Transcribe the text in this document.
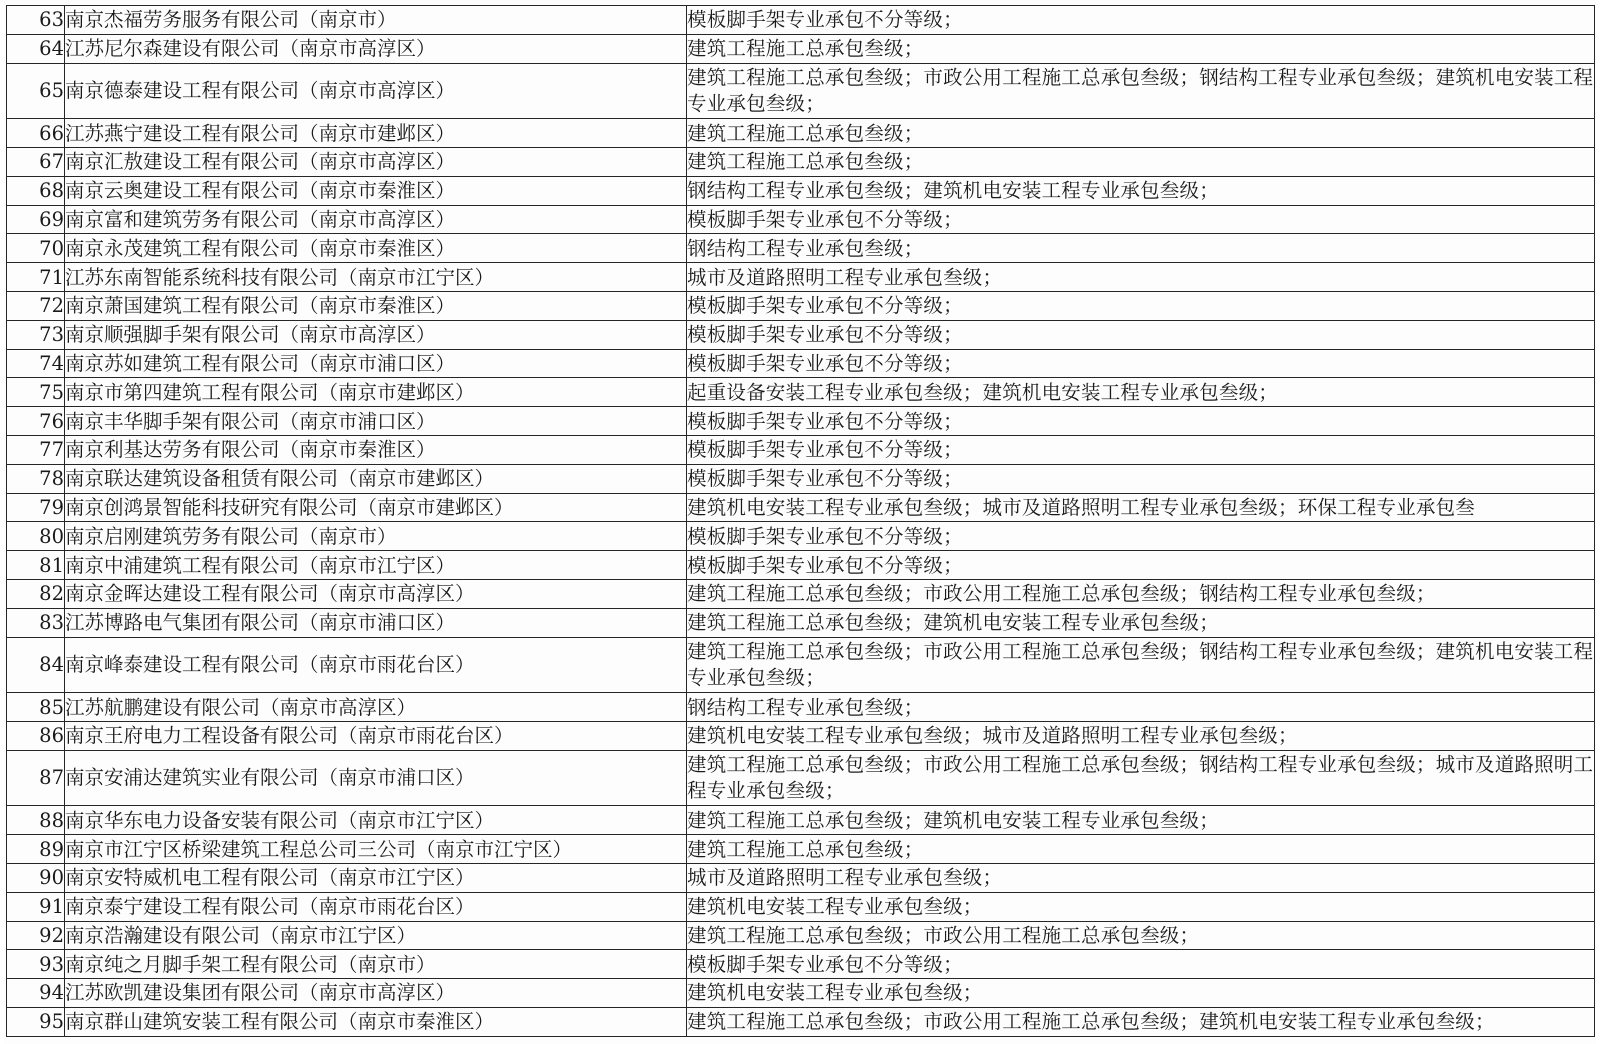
63	南京杰福劳务服务有限公司（南京市）	模板脚手架专业承包不分等级；

64	江苏尼尔森建设有限公司（南京市高淳区）	建筑工程施工总承包叁级；

65	南京德泰建设工程有限公司（南京市高淳区）	建筑工程施工总承包叁级；市政公用工程施工总承包叁级；钢结构工程专业承包叁级；建筑机电安装工程专业承包叁级；

66	江苏燕宁建设工程有限公司（南京市建邺区）	建筑工程施工总承包叁级；

67	南京汇敖建设工程有限公司（南京市高淳区）	建筑工程施工总承包叁级；

68	南京云奥建设工程有限公司（南京市秦淮区）	钢结构工程专业承包叁级；建筑机电安装工程专业承包叁级；

69	南京富和建筑劳务有限公司（南京市高淳区）	模板脚手架专业承包不分等级；

70	南京永茂建筑工程有限公司（南京市秦淮区）	钢结构工程专业承包叁级；

71	江苏东南智能系统科技有限公司（南京市江宁区）	城市及道路照明工程专业承包叁级；

72	南京萧国建筑工程有限公司（南京市秦淮区）	模板脚手架专业承包不分等级；

73	南京顺强脚手架有限公司（南京市高淳区）	模板脚手架专业承包不分等级；

74	南京苏如建筑工程有限公司（南京市浦口区）	模板脚手架专业承包不分等级；

75	南京市第四建筑工程有限公司（南京市建邺区）	起重设备安装工程专业承包叁级；建筑机电安装工程专业承包叁级；

76	南京丰华脚手架有限公司（南京市浦口区）	模板脚手架专业承包不分等级；

77	南京利基达劳务有限公司（南京市秦淮区）	模板脚手架专业承包不分等级；

78	南京联达建筑设备租赁有限公司（南京市建邺区）	模板脚手架专业承包不分等级；

79	南京创鸿景智能科技研究有限公司（南京市建邺区）	建筑机电安装工程专业承包叁级；城市及道路照明工程专业承包叁级；环保工程专业承包叁

80	南京启刚建筑劳务有限公司（南京市）	模板脚手架专业承包不分等级；

81	南京中浦建筑工程有限公司（南京市江宁区）	模板脚手架专业承包不分等级；

82	南京金晖达建设工程有限公司（南京市高淳区）	建筑工程施工总承包叁级；市政公用工程施工总承包叁级；钢结构工程专业承包叁级；

83	江苏博路电气集团有限公司（南京市浦口区）	建筑工程施工总承包叁级；建筑机电安装工程专业承包叁级；

84	南京峰泰建设工程有限公司（南京市雨花台区）	建筑工程施工总承包叁级；市政公用工程施工总承包叁级；钢结构工程专业承包叁级；建筑机电安装工程专业承包叁级；

85	江苏航鹏建设有限公司（南京市高淳区）	钢结构工程专业承包叁级；

86	南京王府电力工程设备有限公司（南京市雨花台区）	建筑机电安装工程专业承包叁级；城市及道路照明工程专业承包叁级；

87	南京安浦达建筑实业有限公司（南京市浦口区）	建筑工程施工总承包叁级；市政公用工程施工总承包叁级；钢结构工程专业承包叁级；城市及道路照明工程专业承包叁级；

88	南京华东电力设备安装有限公司（南京市江宁区）	建筑工程施工总承包叁级；建筑机电安装工程专业承包叁级；

89	南京市江宁区桥梁建筑工程总公司三公司（南京市江宁区）	建筑工程施工总承包叁级；

90	南京安特威机电工程有限公司（南京市江宁区）	城市及道路照明工程专业承包叁级；

91	南京泰宁建设工程有限公司（南京市雨花台区）	建筑机电安装工程专业承包叁级；

92	南京浩瀚建设有限公司（南京市江宁区）	建筑工程施工总承包叁级；市政公用工程施工总承包叁级；

93	南京纯之月脚手架工程有限公司（南京市）	模板脚手架专业承包不分等级；

94	江苏欧凯建设集团有限公司（南京市高淳区）	建筑机电安装工程专业承包叁级；

95	南京群山建筑安装工程有限公司（南京市秦淮区）	建筑工程施工总承包叁级；市政公用工程施工总承包叁级；建筑机电安装工程专业承包叁级；
